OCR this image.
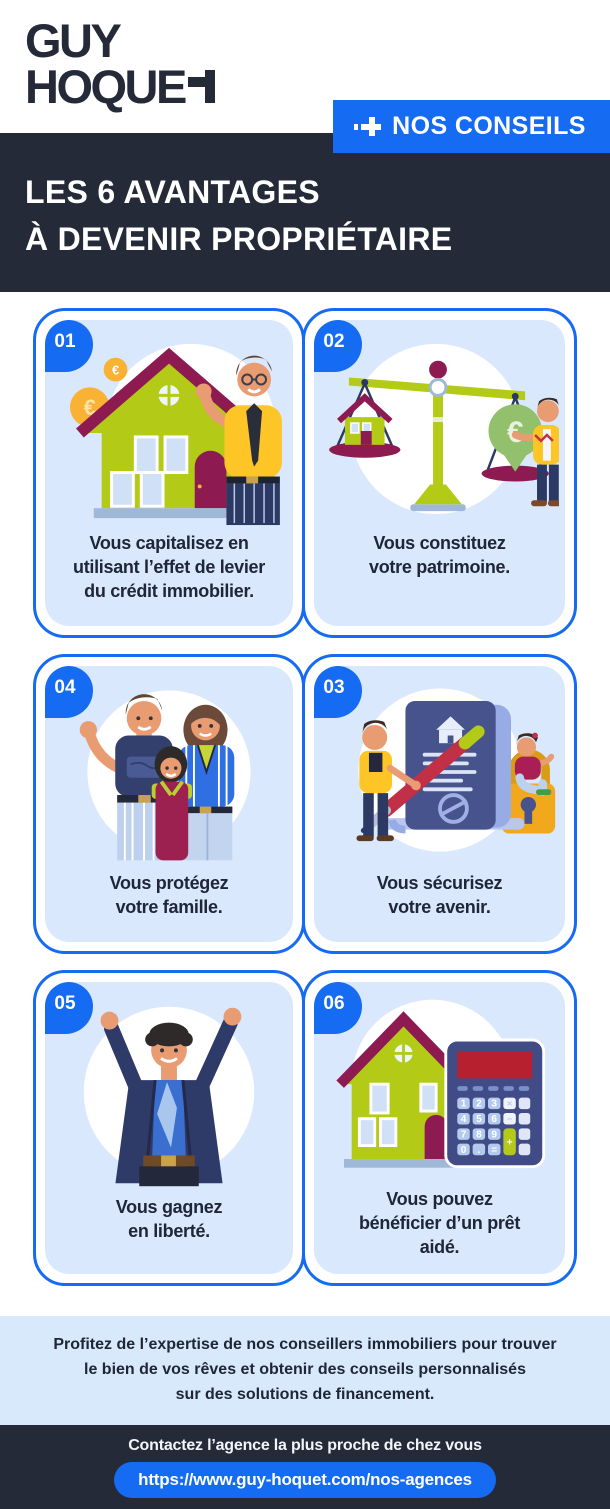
GUY
HOQUE
NOS CONSEILS
LES 6 AVANTAGES
À DEVENIR PROPRIÉTAIRE
01
€
€
Vous capitalisez en
utilisant l’effet de levier
du crédit immobilier.
02
€
Vous constituez
votre patrimoine.
04
Vous protégez
votre famille.
03
Vous sécurisez
votre avenir.
05
Vous gagnez
en liberté.
06
1 2 3
4 5 6
7 8 9
0 . =
×
−
+
Vous pouvez
bénéficier d’un prêt
aidé.
Profitez de l’expertise de nos conseillers immobiliers pour trouver
le bien de vos rêves et obtenir des conseils personnalisés
sur des solutions de financement.
Contactez l’agence la plus proche de chez vous
https://www.guy-hoquet.com/nos-agences
